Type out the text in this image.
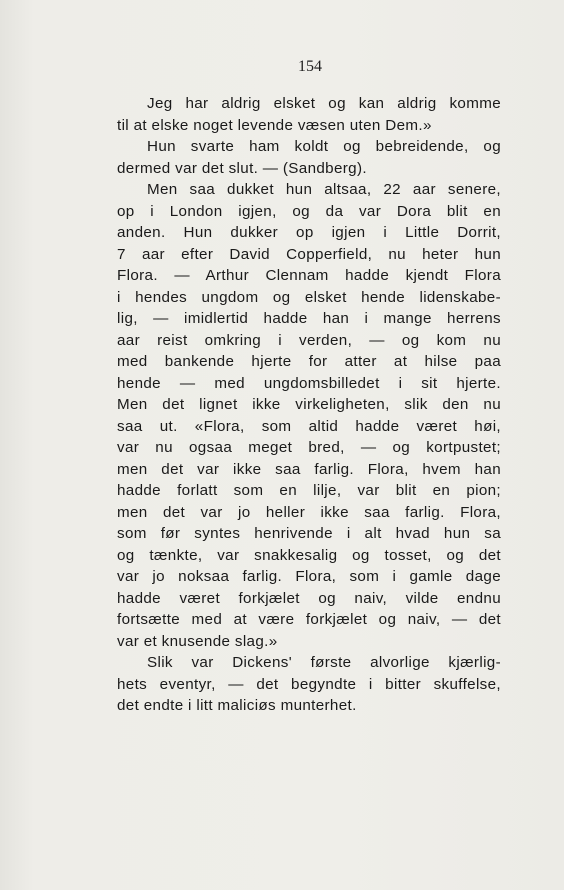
154
Jeg har aldrig elsket og kan aldrig komme
til at elske noget levende væsen uten Dem.»
Hun svarte ham koldt og bebreidende, og
dermed var det slut. — (Sandberg).
Men saa dukket hun altsaa, 22 aar senere,
op i London igjen, og da var Dora blit en
anden. Hun dukker op igjen i Little Dorrit,
7 aar efter David Copperfield, nu heter hun
Flora. — Arthur Clennam hadde kjendt Flora
i hendes ungdom og elsket hende lidenskabe-
lig, — imidlertid hadde han i mange herrens
aar reist omkring i verden, — og kom nu
med bankende hjerte for atter at hilse paa
hende — med ungdomsbilledet i sit hjerte.
Men det lignet ikke virkeligheten, slik den nu
saa ut. «Flora, som altid hadde været høi,
var nu ogsaa meget bred, — og kortpustet;
men det var ikke saa farlig. Flora, hvem han
hadde forlatt som en lilje, var blit en pion;
men det var jo heller ikke saa farlig. Flora,
som før syntes henrivende i alt hvad hun sa
og tænkte, var snakkesalig og tosset, og det
var jo noksaa farlig. Flora, som i gamle dage
hadde været forkjælet og naiv, vilde endnu
fortsætte med at være forkjælet og naiv, — det
var et knusende slag.»
Slik var Dickens' første alvorlige kjærlig-
hets eventyr, — det begyndte i bitter skuffelse,
det endte i litt maliciøs munterhet.
